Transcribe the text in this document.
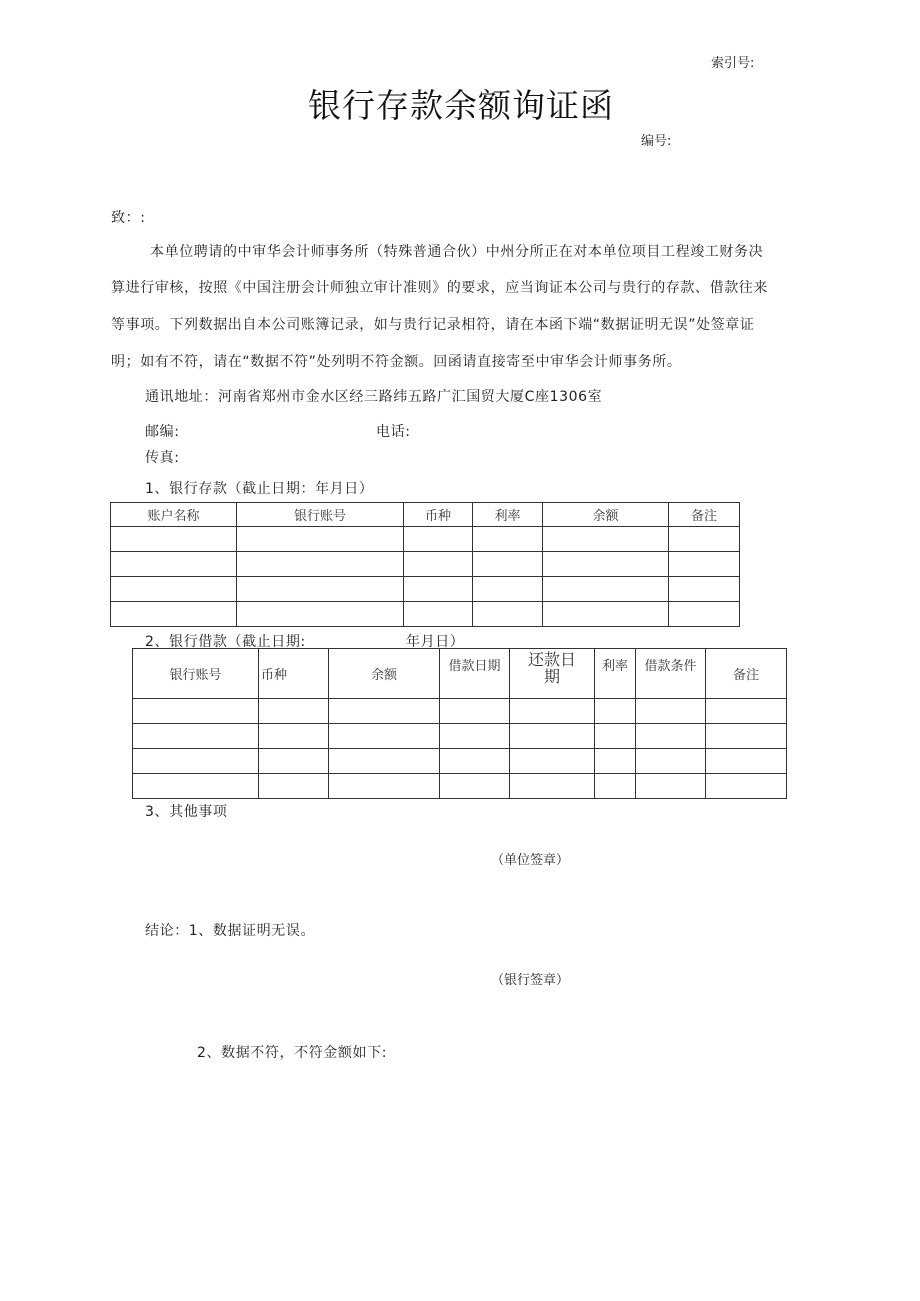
索引号:
银行存款余额询证函
编号:
致：:
本单位聘请的中审华会计师事务所（特殊普通合伙）中州分所正在对本单位项目工程竣工财务决
算进行审核，按照《中国注册会计师独立审计准则》的要求，应当询证本公司与贵行的存款、借款往来
等事项。下列数据出自本公司账簿记录，如与贵行记录相符，请在本函下端“数据证明无误”处签章证
明；如有不符，请在“数据不符”处列明不符金额。回函请直接寄至中审华会计师事务所。
通讯地址：河南省郑州市金水区经三路纬五路广汇国贸大厦C座1306室
邮编:	电话:
传真:
1、银行存款（截止日期：年月日）
账户名称	银行账号	币种	利率	余额	备注

2、银行借款（截止日期:	年月日）
银行账号	币种	余额	借款日期	还款日期	利率	借款条件	备注

3、其他事项
（单位签章）
结论：1、数据证明无误。
（银行签章）
2、数据不符，不符金额如下:
